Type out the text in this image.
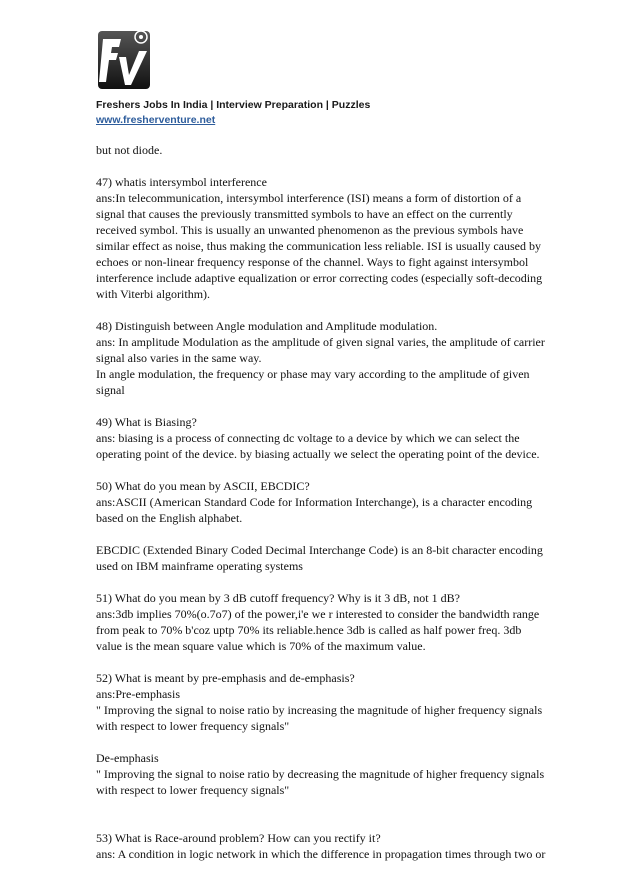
Freshers Jobs In India | Interview Preparation | Puzzles
www.fresherventure.net

but not diode.

47) whatis intersymbol interference
ans:In telecommunication, intersymbol interference (ISI) means a form of distortion of a
signal that causes the previously transmitted symbols to have an effect on the currently
received symbol. This is usually an unwanted phenomenon as the previous symbols have
similar effect as noise, thus making the communication less reliable. ISI is usually caused by
echoes or non-linear frequency response of the channel. Ways to fight against intersymbol
interference include adaptive equalization or error correcting codes (especially soft-decoding
with Viterbi algorithm).

48) Distinguish between Angle modulation and Amplitude modulation.
ans: In amplitude Modulation as the amplitude of given signal varies, the amplitude of carrier
signal also varies in the same way.
In angle modulation, the frequency or phase may vary according to the amplitude of given
signal

49) What is Biasing?
ans: biasing is a process of connecting dc voltage to a device by which we can select the
operating point of the device. by biasing actually we select the operating point of the device.

50) What do you mean by ASCII, EBCDIC?
ans:ASCII (American Standard Code for Information Interchange), is a character encoding
based on the English alphabet.

EBCDIC (Extended Binary Coded Decimal Interchange Code) is an 8-bit character encoding
used on IBM mainframe operating systems

51) What do you mean by 3 dB cutoff frequency? Why is it 3 dB, not 1 dB?
ans:3db implies 70%(o.7o7) of the power,i'e we r interested to consider the bandwidth range
from peak to 70% b'coz uptp 70% its reliable.hence 3db is called as half power freq. 3db
value is the mean square value which is 70% of the maximum value.

52) What is meant by pre-emphasis and de-emphasis?
ans:Pre-emphasis
" Improving the signal to noise ratio by increasing the magnitude of higher frequency signals
with respect to lower frequency signals"

De-emphasis
" Improving the signal to noise ratio by decreasing the magnitude of higher frequency signals
with respect to lower frequency signals"

53) What is Race-around problem? How can you rectify it?
ans: A condition in logic network in which the difference in propagation times through two or
